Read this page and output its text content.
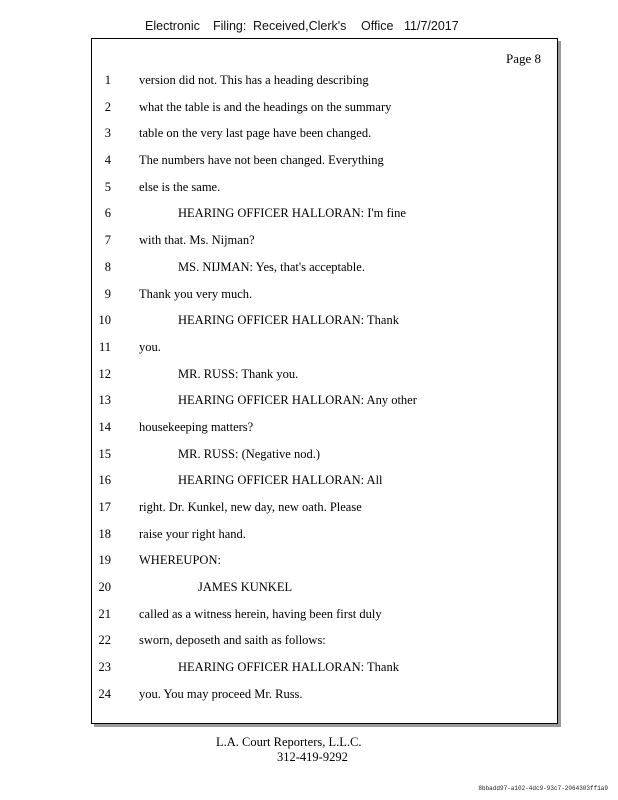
Electronic Filing: Received,Clerk's Office 11/7/2017
Page 8
1 version did not. This has a heading describing
2 what the table is and the headings on the summary
3 table on the very last page have been changed.
4 The numbers have not been changed. Everything
5 else is the same.
6	HEARING OFFICER HALLORAN: I'm fine
7 with that. Ms. Nijman?
8	MS. NIJMAN: Yes, that's acceptable.
9 Thank you very much.
10	HEARING OFFICER HALLORAN: Thank
11 you.
12	MR. RUSS: Thank you.
13	HEARING OFFICER HALLORAN: Any other
14 housekeeping matters?
15	MR. RUSS: (Negative nod.)
16	HEARING OFFICER HALLORAN: All
17 right. Dr. Kunkel, new day, new oath. Please
18 raise your right hand.
19 WHEREUPON:
20	JAMES KUNKEL
21 called as a witness herein, having been first duly
22 sworn, deposeth and saith as follows:
23	HEARING OFFICER HALLORAN: Thank
24 you. You may proceed Mr. Russ.
L.A. Court Reporters, L.L.C.
312-419-9292
8bbadd97-a102-4dc9-93c7-2064303ff1a9
